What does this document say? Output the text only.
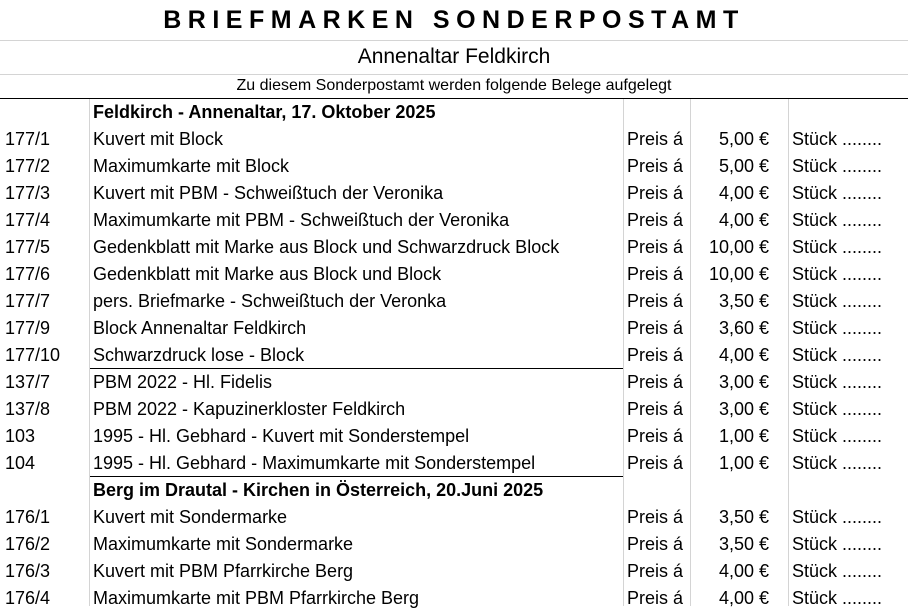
BRIEFMARKEN SONDERPOSTAMT
Annenaltar Feldkirch
Zu diesem Sonderpostamt werden folgende Belege aufgelegt
Feldkirch - Annenaltar, 17. Oktober 2025
177/1	Kuvert mit Block	Preis á	5,00 € Stück ........
177/2	Maximumkarte mit Block	Preis á	5,00 € Stück ........
177/3	Kuvert mit PBM - Schweißtuch der Veronika	Preis á	4,00 € Stück ........
177/4	Maximumkarte mit PBM - Schweißtuch der Veronika	Preis á	4,00 € Stück ........
177/5	Gedenkblatt mit Marke aus Block und Schwarzdruck Block	Preis á	10,00 € Stück ........
177/6	Gedenkblatt mit Marke aus Block und Block	Preis á	10,00 € Stück ........
177/7	pers. Briefmarke - Schweißtuch der Veronka	Preis á	3,50 € Stück ........
177/9	Block Annenaltar Feldkirch	Preis á	3,60 € Stück ........
177/10	Schwarzdruck lose - Block	Preis á	4,00 € Stück ........
137/7	PBM 2022 - Hl. Fidelis	Preis á	3,00 € Stück ........
137/8	PBM 2022 - Kapuzinerkloster Feldkirch	Preis á	3,00 € Stück ........
103	1995 - Hl. Gebhard - Kuvert mit Sonderstempel	Preis á	1,00 € Stück ........
104	1995 - Hl. Gebhard - Maximumkarte mit Sonderstempel	Preis á	1,00 € Stück ........
Berg im Drautal - Kirchen in Österreich, 20.Juni 2025
176/1	Kuvert mit Sondermarke	Preis á	3,50 € Stück ........
176/2	Maximumkarte mit Sondermarke	Preis á	3,50 € Stück ........
176/3	Kuvert mit PBM Pfarrkirche Berg	Preis á	4,00 € Stück ........
176/4	Maximumkarte mit PBM Pfarrkirche Berg	Preis á	4,00 € Stück ........
